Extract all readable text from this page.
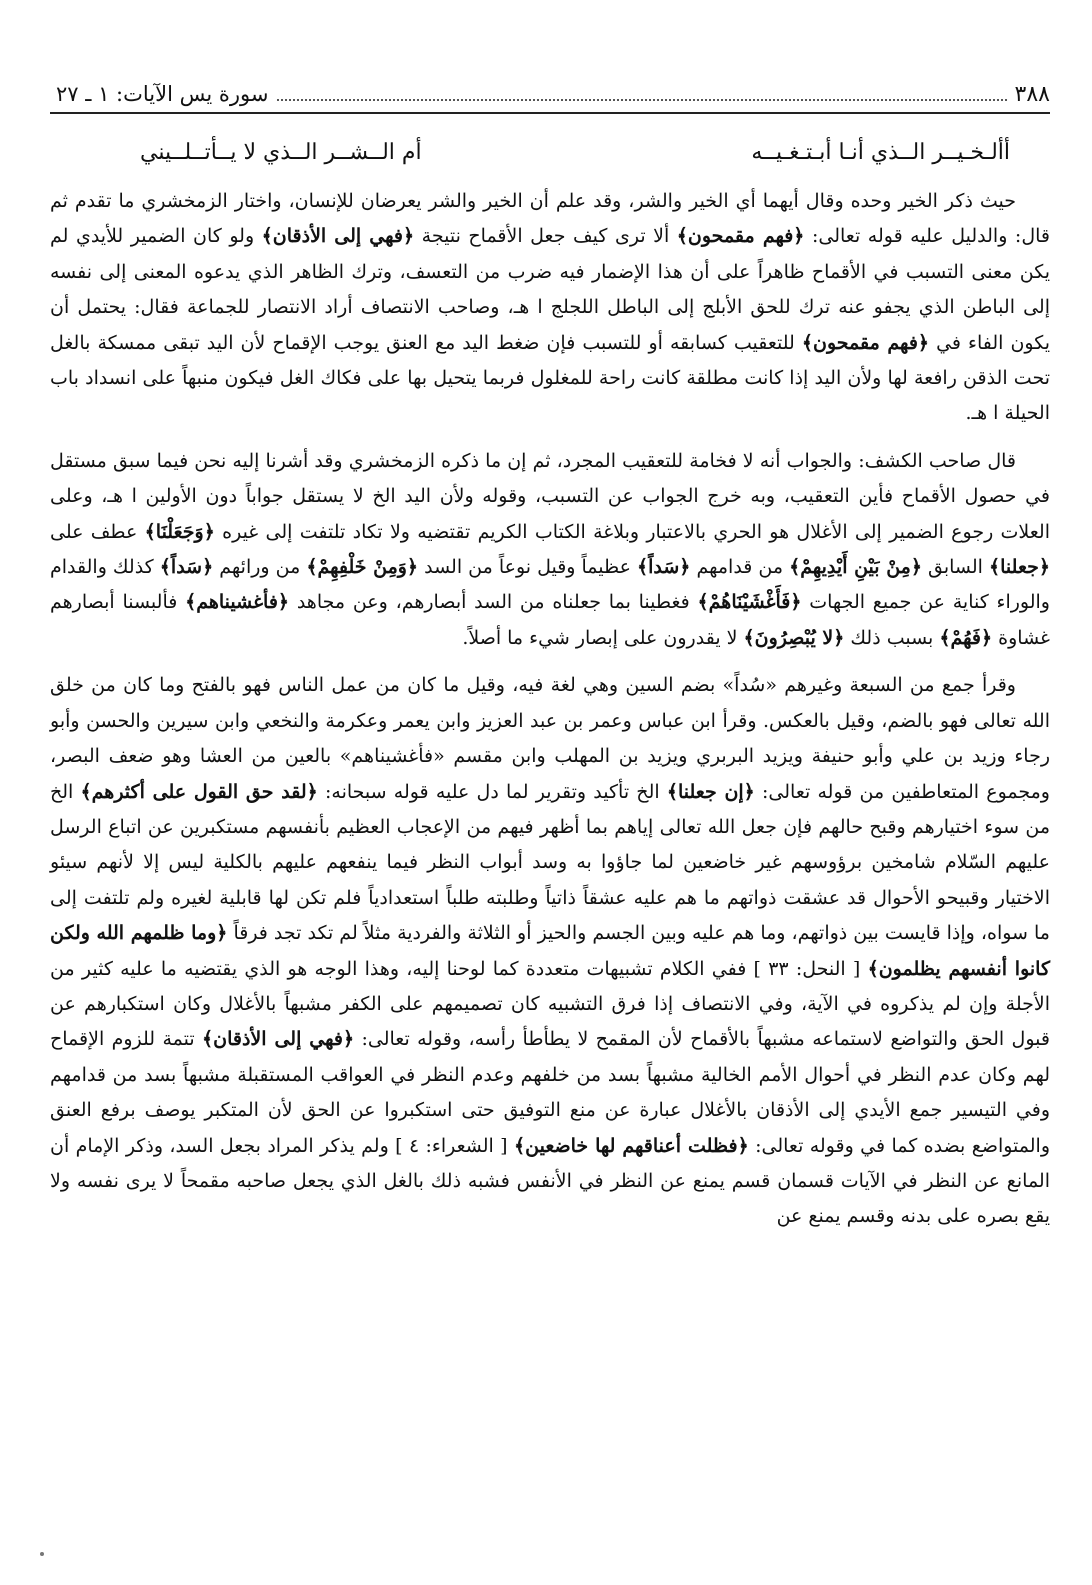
سورة يس الآيات: ١ ـ ٢٧	٣٨٨
أألـخـيــر الــذي أنـا أبـتـغـيــه
أم الــشــر الــذي لا يــأتــلــيني

حيث ذكر الخير وحده وقال أيهما أي الخير والشر، وقد علم أن الخير والشر يعرضان للإنسان، واختار الزمخشري ما تقدم ثم قال: والدليل عليه قوله تعالى: ﴿فهم مقمحون﴾ ألا ترى كيف جعل الأقماح نتيجة ﴿فهي إلى الأذقان﴾ ولو كان الضمير للأيدي لم يكن معنى التسبب في الأقماح ظاهراً على أن هذا الإضمار فيه ضرب من التعسف، وترك الظاهر الذي يدعوه المعنى إلى نفسه إلى الباطن الذي يجفو عنه ترك للحق الأبلج إلى الباطل اللجلج ا هـ، وصاحب الانتصاف أراد الانتصار للجماعة فقال: يحتمل أن يكون الفاء في ﴿فهم مقمحون﴾ للتعقيب كسابقه أو للتسبب فإن ضغط اليد مع العنق يوجب الإقماح لأن اليد تبقى ممسكة بالغل تحت الذقن رافعة لها ولأن اليد إذا كانت مطلقة كانت راحة للمغلول فربما يتحيل بها على فكاك الغل فيكون منبهاً على انسداد باب الحيلة ا هـ.

قال صاحب الكشف: والجواب أنه لا فخامة للتعقيب المجرد، ثم إن ما ذكره الزمخشري وقد أشرنا إليه نحن فيما سبق مستقل في حصول الأقماح فأين التعقيب، وبه خرج الجواب عن التسبب، وقوله ولأن اليد الخ لا يستقل جواباً دون الأولين ا هـ، وعلى العلات رجوع الضمير إلى الأغلال هو الحري بالاعتبار وبلاغة الكتاب الكريم تقتضيه ولا تكاد تلتفت إلى غيره ﴿وَجَعَلْنَا﴾ عطف على ﴿جعلنا﴾ السابق ﴿مِنْ بَيْنِ أَيْدِيهِمْ﴾ من قدامهم ﴿سَداً﴾ عظيماً وقيل نوعاً من السد ﴿وَمِنْ خَلْفِهِمْ﴾ من ورائهم ﴿سَداً﴾ كذلك والقدام والوراء كناية عن جميع الجهات ﴿فَأَغْشَيْنَاهُمْ﴾ فغطينا بما جعلناه من السد أبصارهم، وعن مجاهد ﴿فأغشيناهم﴾ فألبسنا أبصارهم غشاوة ﴿فَهُمْ﴾ بسبب ذلك ﴿لا يُبْصِرُونَ﴾ لا يقدرون على إبصار شيء ما أصلاً.

وقرأ جمع من السبعة وغيرهم «سُداً» بضم السين وهي لغة فيه، وقيل ما كان من عمل الناس فهو بالفتح وما كان من خلق الله تعالى فهو بالضم، وقيل بالعكس. وقرأ ابن عباس وعمر بن عبد العزيز وابن يعمر وعكرمة والنخعي وابن سيرين والحسن وأبو رجاء وزيد بن علي وأبو حنيفة ويزيد البربري ويزيد بن المهلب وابن مقسم «فأغشيناهم» بالعين من العشا وهو ضعف البصر، ومجموع المتعاطفين من قوله تعالى: ﴿إن جعلنا﴾ الخ تأكيد وتقرير لما دل عليه قوله سبحانه: ﴿لقد حق القول على أكثرهم﴾ الخ من سوء اختيارهم وقبح حالهم فإن جعل الله تعالى إياهم بما أظهر فيهم من الإعجاب العظيم بأنفسهم مستكبرين عن اتباع الرسل عليهم السّلام شامخين برؤوسهم غير خاضعين لما جاؤوا به وسد أبواب النظر فيما ينفعهم عليهم بالكلية ليس إلا لأنهم سيئو الاختيار وقبيحو الأحوال قد عشقت ذواتهم ما هم عليه عشقاً ذاتياً وطلبته طلباً استعدادياً فلم تكن لها قابلية لغيره ولم تلتفت إلى ما سواه، وإذا قايست بين ذواتهم، وما هم عليه وبين الجسم والحيز أو الثلاثة والفردية مثلاً لم تكد تجد فرقاً ﴿وما ظلمهم الله ولكن كانوا أنفسهم يظلمون﴾ [ النحل: ٣٣ ] ففي الكلام تشبيهات متعددة كما لوحنا إليه، وهذا الوجه هو الذي يقتضيه ما عليه كثير من الأجلة وإن لم يذكروه في الآية، وفي الانتصاف إذا فرق التشبيه كان تصميمهم على الكفر مشبهاً بالأغلال وكان استكبارهم عن قبول الحق والتواضع لاستماعه مشبهاً بالأقماح لأن المقمح لا يطأطأ رأسه، وقوله تعالى: ﴿فهي إلى الأذقان﴾ تتمة للزوم الإقماح لهم وكان عدم النظر في أحوال الأمم الخالية مشبهاً بسد من خلفهم وعدم النظر في العواقب المستقبلة مشبهاً بسد من قدامهم وفي التيسير جمع الأيدي إلى الأذقان بالأغلال عبارة عن منع التوفيق حتى استكبروا عن الحق لأن المتكبر يوصف برفع العنق والمتواضع بضده كما في وقوله تعالى: ﴿فظلت أعناقهم لها خاضعين﴾ [ الشعراء: ٤ ] ولم يذكر المراد بجعل السد، وذكر الإمام أن المانع عن النظر في الآيات قسمان قسم يمنع عن النظر في الأنفس فشبه ذلك بالغل الذي يجعل صاحبه مقمحاً لا يرى نفسه ولا يقع بصره على بدنه وقسم يمنع عن
